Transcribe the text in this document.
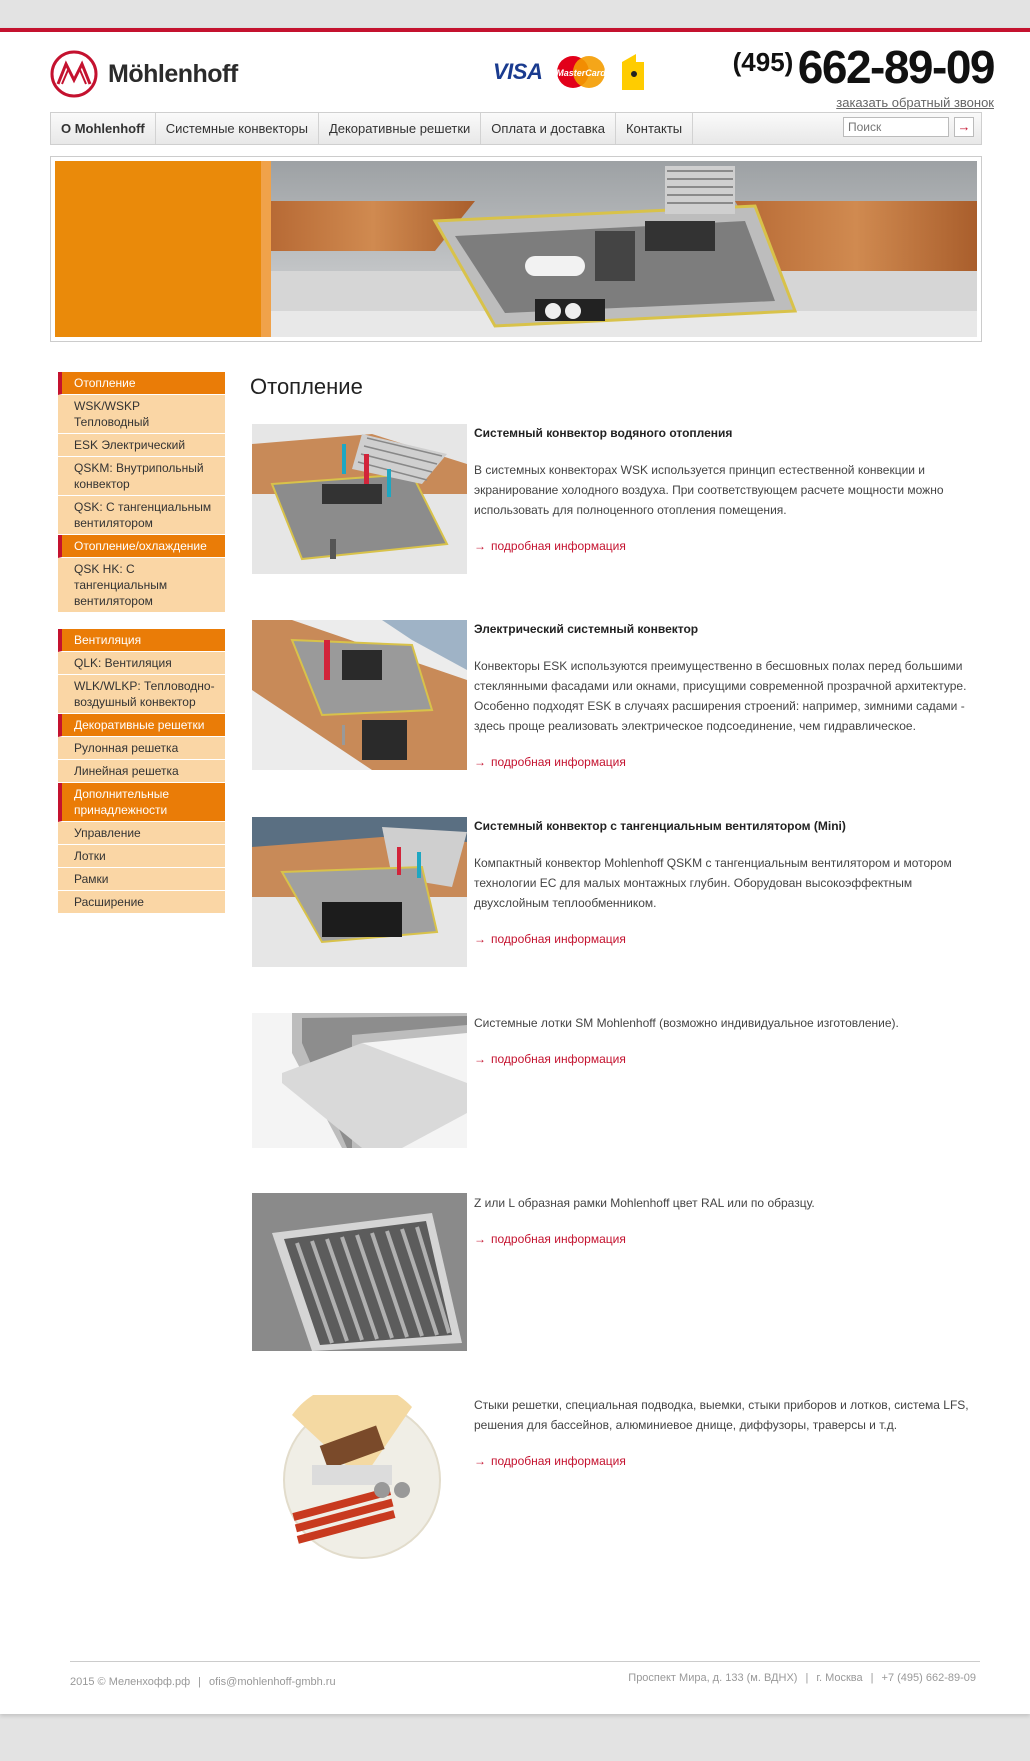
Möhlenhoff	VISA MasterCard	(495) 662-89-09
заказать обратный звонок
О Mohlenhoff	Системные конвекторы	Декоративные решетки	Оплата и доставка	Контакты
Поиск	→
Отопление
WSK/WSKP Тепловодный
ESK Электрический
QSKM: Внутрипольный конвектор
QSK: С тангенциальным вентилятором
Отопление/охлаждение
QSK HK: С тангенциальным вентилятором
Вентиляция
QLK: Вентиляция
WLK/WLKP: Тепловодно-воздушный конвектор
Декоративные решетки
Рулонная решетка
Линейная решетка
Дополнительные принадлежности
Управление
Лотки
Рамки
Расширение
Отопление
Системный конвектор водяного отопления
В системных конвекторах WSK используется принцип естественной конвекции и экранирование холодного воздуха. При соответствующем расчете мощности можно использовать для полноценного отопления помещения.
→ подробная информация
Электрический системный конвектор
Конвекторы ESK используются преимущественно в бесшовных полах перед большими стеклянными фасадами или окнами, присущими современной прозрачной архитектуре. Особенно подходят ESK в случаях расширения строений: например, зимними садами - здесь проще реализовать электрическое подсоединение, чем гидравлическое.
→ подробная информация
Системный конвектор с тангенциальным вентилятором (Mini)
Компактный конвектор Mohlenhoff QSKM с тангенциальным вентилятором и мотором технологии EC для малых монтажных глубин. Оборудован высокоэффектным двухслойным теплообменником.
→ подробная информация
Системные лотки SM Mohlenhoff (возможно индивидуальное изготовление).
→ подробная информация
Z или L образная рамки Mohlenhoff цвет RAL или по образцу.
→ подробная информация
Стыки решетки, специальная подводка, выемки, стыки приборов и лотков, система LFS, решения для бассейнов, алюминиевое днище, диффузоры, траверсы и т.д.
→ подробная информация
2015 © Меленхофф.рф | ofis@mohlenhoff-gmbh.ru	Проспект Мира, д. 133 (м. ВДНХ) | г. Москва | +7 (495) 662-89-09
